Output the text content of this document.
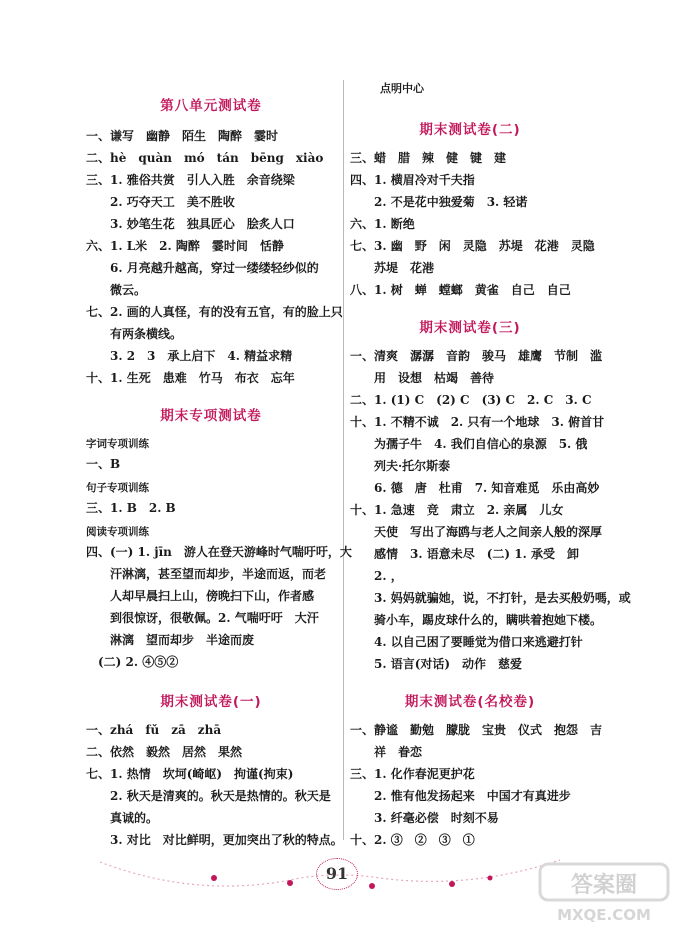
点明中心
第八单元测试卷
一、谦写　幽静　陌生　陶醉　霎时
二、hè　quàn　mó　tán　bēng　xiào
三、1. 雅俗共赏　引人入胜　余音绕梁
　　2. 巧夺天工　美不胜收
　　3. 妙笔生花　独具匠心　脍炙人口
六、1. L米　2. 陶醉　霎时间　恬静
　　6. 月亮越升越高，穿过一缕缕轻纱似的
　　微云。
七、2. 画的人真怪，有的没有五官，有的脸上只
　　有两条横线。
　　3. 2　3　承上启下　4. 精益求精
十、1. 生死　患难　竹马　布衣　忘年
期末专项测试卷
字词专项训练
一、B
句子专项训练
三、1. B　2. B
阅读专项训练
四、(一) 1. jīn　游人在登天游峰时气喘吁吁，大
　　汗淋漓，甚至望而却步，半途而返，而老
　　人却早晨扫上山，傍晚扫下山，作者感
　　到很惊讶，很敬佩。2. 气喘吁吁　大汗
　　淋漓　望而却步　半途而废
　(二) 2. ④⑤②
期末测试卷(一)
一、zhá　fǔ　zā　zhā
二、依然　毅然　居然　果然
七、1. 热情　坎坷(崎岖)　拘谨(拘束)
　　2. 秋天是清爽的。秋天是热情的。秋天是
　　真诚的。
　　3. 对比　对比鲜明，更加突出了秋的特点。
期末测试卷(二)
三、蜡　腊　辣　健　键　建
四、1. 横眉冷对千夫指
　　2. 不是花中独爱菊　3. 轻诺
六、1. 断绝
七、3. 幽　野　闲　灵隐　苏堤　花港　灵隐
　　苏堤　花港
八、1. 树　蝉　螳螂　黄雀　自己　自己
期末测试卷(三)
一、清爽　潺潺　音韵　骏马　雄鹰　节制　滥
　　用　设想　枯竭　善待
二、1. (1) C　(2) C　(3) C　2. C　3. C
十、1. 不精不诚　2. 只有一个地球　3. 俯首甘
　　为孺子牛　4. 我们自信心的泉源　5. 俄
　　列夫·托尔斯泰
　　6. 德　唐　杜甫　7. 知音难觅　乐由高妙
十、1. 急速　竞　肃立　2. 亲属　儿女
　　天使　写出了海鸥与老人之间亲人般的深厚
　　感情　3. 语意未尽　(二) 1. 承受　卸
　　2. ，
　　3. 妈妈就骗她，说，不打针，是去买般奶嗎，或
　　骑小车，踢皮球什么的，瞒哄着抱她下楼。
　　4. 以自己困了要睡觉为借口来逃避打针
　　5. 语言(对话)　动作　慈爱
期末测试卷(名校卷)
一、静谧　勤勉　朦胧　宝贵　仪式　抱怨　吉
　　祥　眷恋
三、1. 化作春泥更护花
　　2. 惟有他发扬起来　中国才有真进步
　　3. 纤毫必偿　时刻不易
十、2. ③　②　③　①
91	答案圈
MXQE.COM
